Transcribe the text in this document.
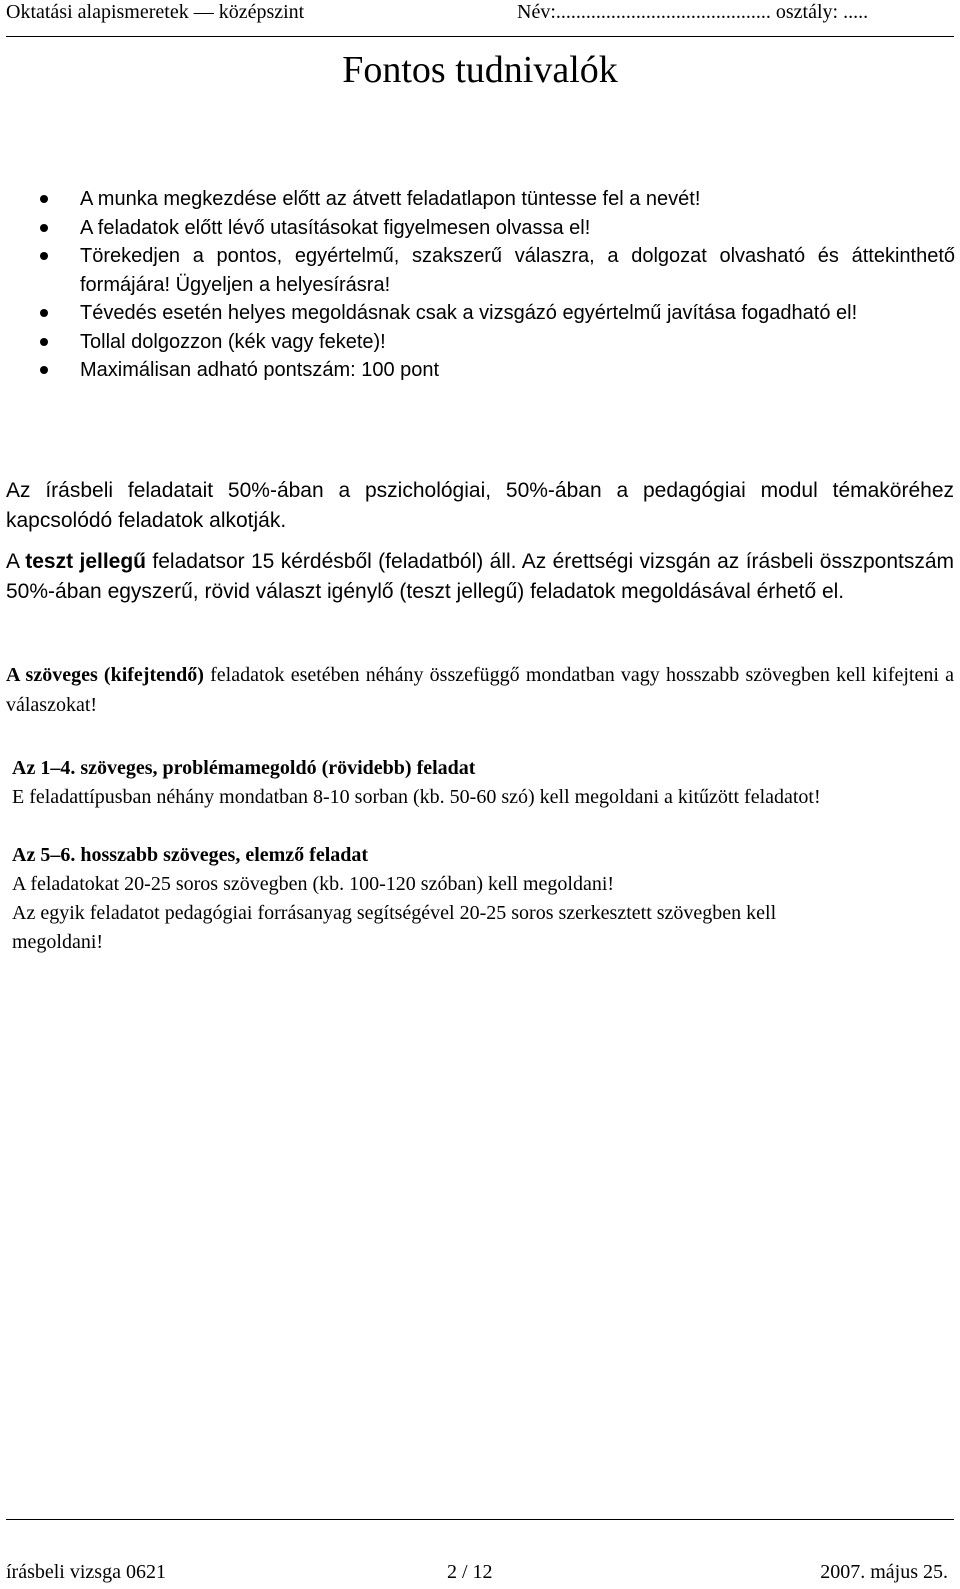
Oktatási alapismeretek — középszint	Név:........................................... osztály: .....
Fontos tudnivalók
A munka megkezdése előtt az átvett feladatlapon tüntesse fel a nevét!
A feladatok előtt lévő utasításokat figyelmesen olvassa el!
Törekedjen a pontos, egyértelmű, szakszerű válaszra, a dolgozat olvasható és áttekinthető formájára! Ügyeljen a helyesírásra!
Tévedés esetén helyes megoldásnak csak a vizsgázó egyértelmű javítása fogadható el!
Tollal dolgozzon (kék vagy fekete)!
Maximálisan adható pontszám: 100 pont
Az írásbeli feladatait 50%-ában a pszichológiai, 50%-ában a pedagógiai modul témaköréhez kapcsolódó feladatok alkotják.
A teszt jellegű feladatsor 15 kérdésből (feladatból) áll. Az érettségi vizsgán az írásbeli összpontszám 50%-ában egyszerű, rövid választ igénylő (teszt jellegű) feladatok megoldásával érhető el.
A szöveges (kifejtendő) feladatok esetében néhány összefüggő mondatban vagy hosszabb szövegben kell kifejteni a válaszokat!
Az 1–4. szöveges, problémamegoldó (rövidebb) feladat
E feladattípusban néhány mondatban 8-10 sorban (kb. 50-60 szó) kell megoldani a kitűzött feladatot!
Az 5–6. hosszabb szöveges, elemző feladat
A feladatokat 20-25 soros szövegben (kb. 100-120 szóban) kell megoldani!
Az egyik feladatot pedagógiai forrásanyag segítségével 20-25 soros szerkesztett szövegben kell megoldani!
írásbeli vizsga 0621	2 / 12	2007. május 25.
